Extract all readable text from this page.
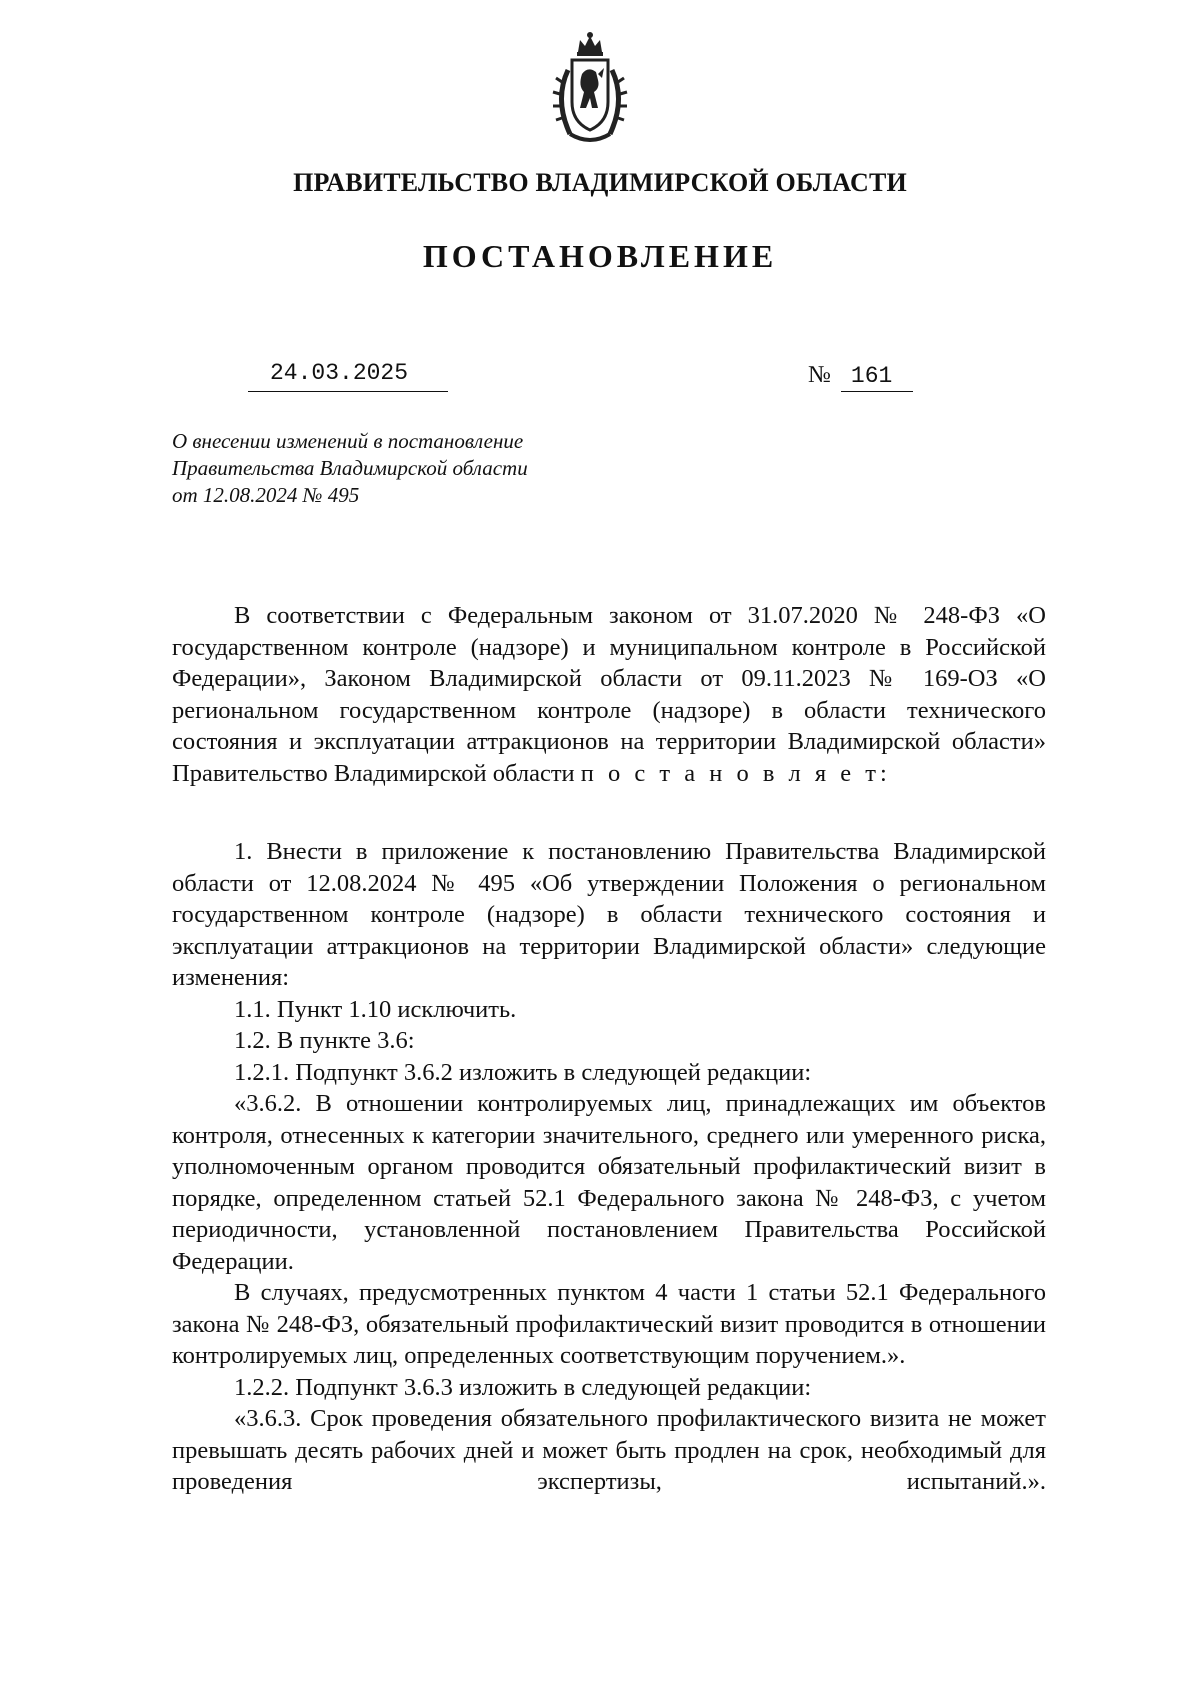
ПРАВИТЕЛЬСТВО ВЛАДИМИРСКОЙ ОБЛАСТИ
ПОСТАНОВЛЕНИЕ
24.03.2025	№ 161
О внесении изменений в постановление
Правительства Владимирской области
от 12.08.2024 № 495

В соответствии с Федеральным законом от 31.07.2020 № 248-ФЗ «О государственном контроле (надзоре) и муниципальном контроле в Российской Федерации», Законом Владимирской области от 09.11.2023 № 169-ОЗ «О региональном государственном контроле (надзоре) в области технического состояния и эксплуатации аттракционов на территории Владимирской области» Правительство Владимирской области п о с т а н о в л я е т:

1. Внести в приложение к постановлению Правительства Владимирской области от 12.08.2024 № 495 «Об утверждении Положения о региональном государственном контроле (надзоре) в области технического состояния и эксплуатации аттракционов на территории Владимирской области» следующие изменения:

1.1. Пункт 1.10 исключить.

1.2. В пункте 3.6:

1.2.1. Подпункт 3.6.2 изложить в следующей редакции:

«3.6.2. В отношении контролируемых лиц, принадлежащих им объектов контроля, отнесенных к категории значительного, среднего или умеренного риска, уполномоченным органом проводится обязательный профилактический визит в порядке, определенном статьей 52.1 Федерального закона № 248-ФЗ, с учетом периодичности, установленной постановлением Правительства Российской Федерации.

В случаях, предусмотренных пунктом 4 части 1 статьи 52.1 Федерального закона № 248-ФЗ, обязательный профилактический визит проводится в отношении контролируемых лиц, определенных соответствующим поручением.».

1.2.2. Подпункт 3.6.3 изложить в следующей редакции:

«3.6.3. Срок проведения обязательного профилактического визита не может превышать десять рабочих дней и может быть продлен на срок, необходимый для проведения экспертизы, испытаний.».
